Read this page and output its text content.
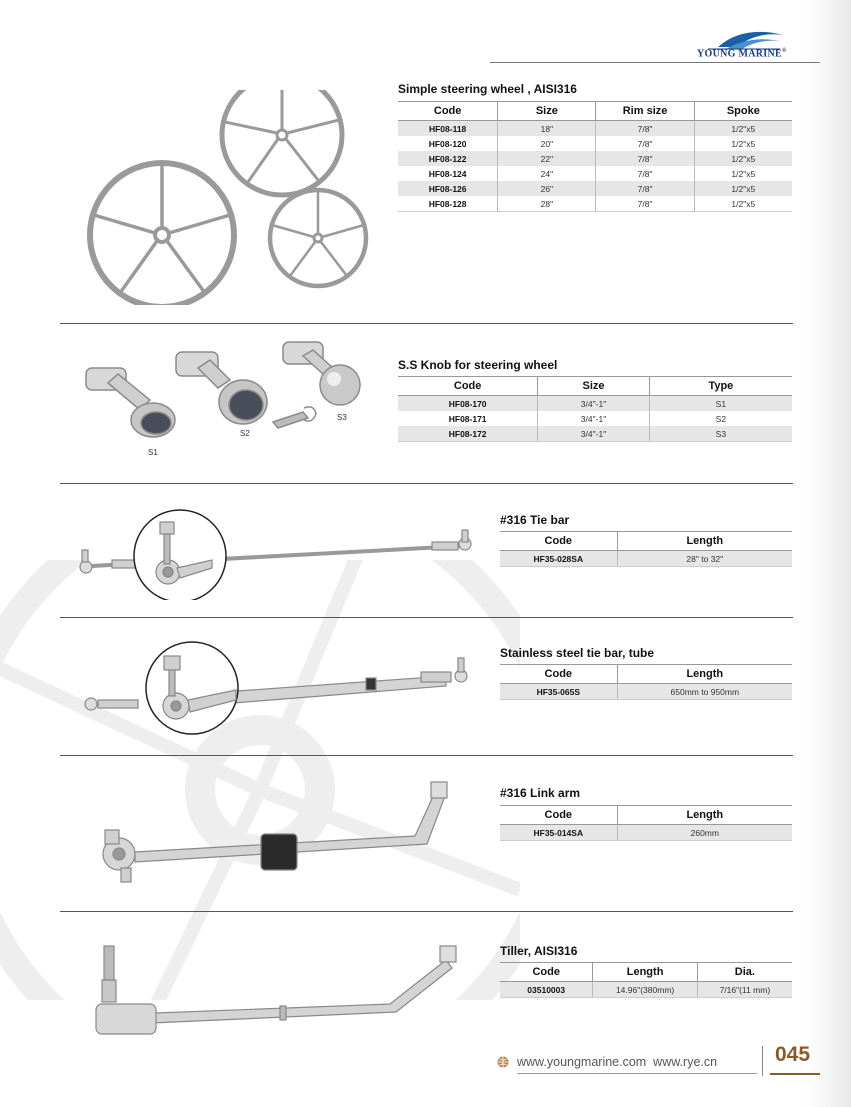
YOUNG MARINE®
Simple steering wheel , AISI316
Code	Size	Rim size	Spoke
HF08-118	18"	7/8"	1/2"x5
HF08-120	20"	7/8"	1/2"x5
HF08-122	22"	7/8"	1/2"x5
HF08-124	24"	7/8"	1/2"x5
HF08-126	26"	7/8"	1/2"x5
HF08-128	28"	7/8"	1/2"x5
S1
S2
S3
S.S Knob for steering wheel
Code	Size	Type
HF08-170	3/4"-1"	S1
HF08-171	3/4"-1"	S2
HF08-172	3/4"-1"	S3
#316 Tie bar
Code	Length
HF35-028SA	28" to 32"
Stainless steel tie bar, tube
Code	Length
HF35-065S	650mm to 950mm
#316 Link arm
Code	Length
HF35-014SA	260mm
Tiller, AISI316
Code	Length	Dia.
03510003	14.96"(380mm)	7/16"(11 mm)
www.youngmarine.com  www.rye.cn	045
